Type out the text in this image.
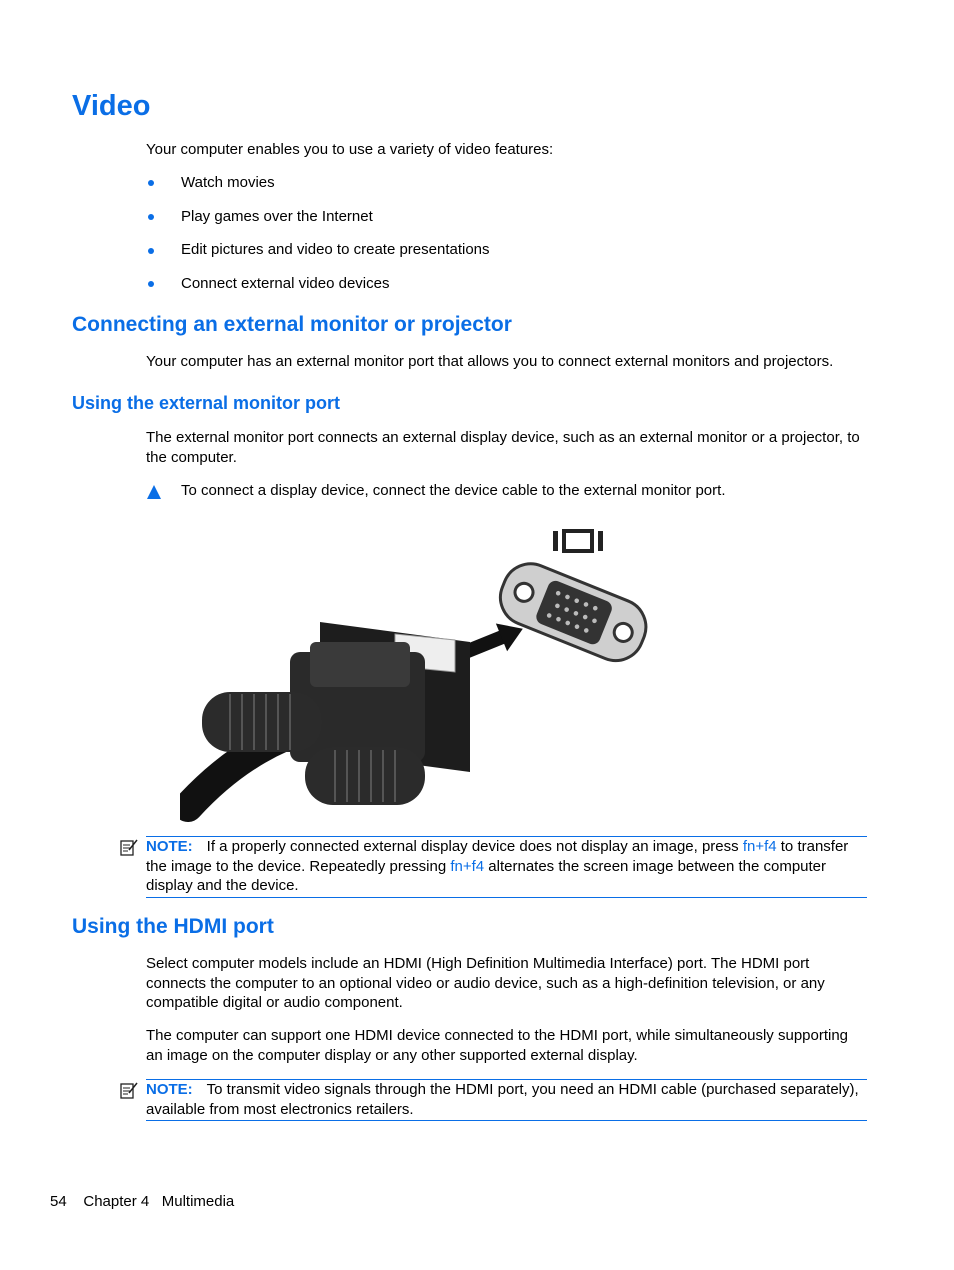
Video
Your computer enables you to use a variety of video features:
Watch movies
Play games over the Internet
Edit pictures and video to create presentations
Connect external video devices
Connecting an external monitor or projector
Your computer has an external monitor port that allows you to connect external monitors and projectors.
Using the external monitor port
The external monitor port connects an external display device, such as an external monitor or a projector, to the computer.
To connect a display device, connect the device cable to the external monitor port.
NOTE: If a properly connected external display device does not display an image, press fn+f4 to transfer the image to the device. Repeatedly pressing fn+f4 alternates the screen image between the computer display and the device.
Using the HDMI port
Select computer models include an HDMI (High Definition Multimedia Interface) port. The HDMI port connects the computer to an optional video or audio device, such as a high-definition television, or any compatible digital or audio component.
The computer can support one HDMI device connected to the HDMI port, while simultaneously supporting an image on the computer display or any other supported external display.
NOTE: To transmit video signals through the HDMI port, you need an HDMI cable (purchased separately), available from most electronics retailers.
54 Chapter 4 Multimedia
